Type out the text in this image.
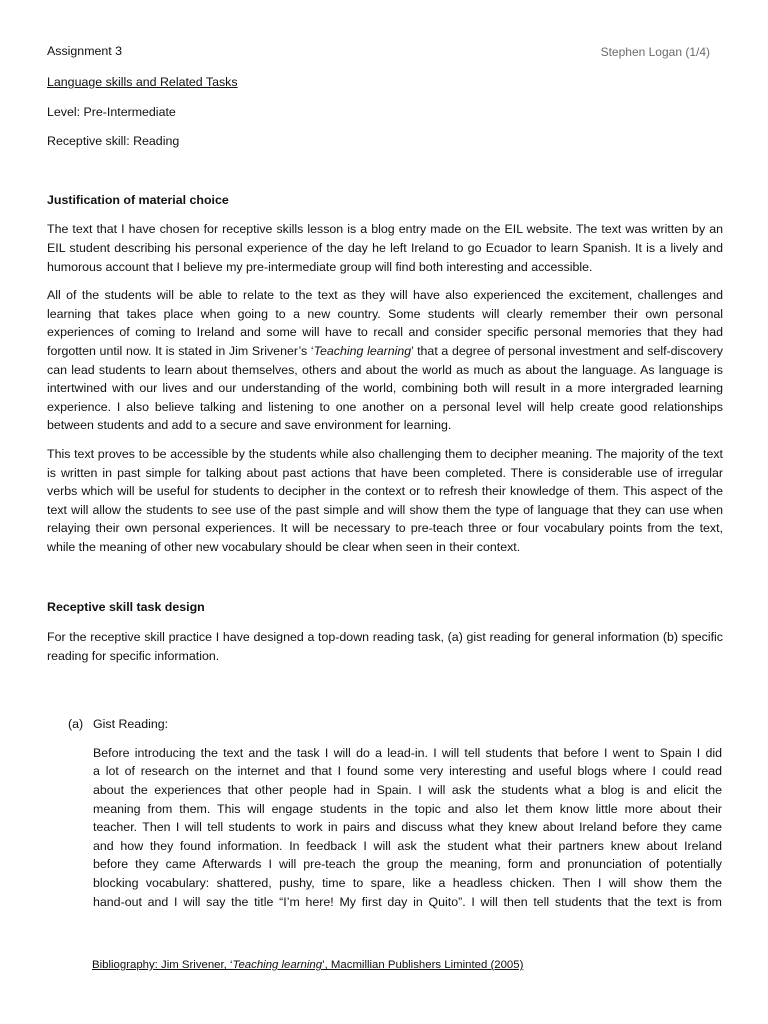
Assignment 3	Stephen Logan (1/4)

Language skills and Related Tasks

Level: Pre-Intermediate

Receptive skill: Reading

Justification of material choice

The text that I have chosen for receptive skills lesson is a blog entry made on the EIL website. The text was written by an EIL student describing his personal experience of the day he left Ireland to go Ecuador to learn Spanish. It is a lively and humorous account that I believe my pre-intermediate group will find both interesting and accessible.

All of the students will be able to relate to the text as they will have also experienced the excitement, challenges and learning that takes place when going to a new country. Some students will clearly remember their own personal experiences of coming to Ireland and some will have to recall and consider specific personal memories that they had forgotten until now. It is stated in Jim Srivener’s ‘Teaching learning’ that a degree of personal investment and self-discovery can lead students to learn about themselves, others and about the world as much as about the language. As language is intertwined with our lives and our understanding of the world, combining both will result in a more intergraded learning experience. I also believe talking and listening to one another on a personal level will help create good relationships between students and add to a secure and save environment for learning.

This text proves to be accessible by the students while also challenging them to decipher meaning. The majority of the text is written in past simple for talking about past actions that have been completed. There is considerable use of irregular verbs which will be useful for students to decipher in the context or to refresh their knowledge of them. This aspect of the text will allow the students to see use of the past simple and will show them the type of language that they can use when relaying their own personal experiences. It will be necessary to pre-teach three or four vocabulary points from the text, while the meaning of other new vocabulary should be clear when seen in their context.

Receptive skill task design

For the receptive skill practice I have designed a top-down reading task, (a) gist reading for general information (b) specific reading for specific information.

(a) Gist Reading:
Before introducing the text and the task I will do a lead-in. I will tell students that before I went to Spain I did
a lot of research on the internet and that I found some very interesting and useful blogs where I could read
about the experiences that other people had in Spain. I will ask the students what a blog is and elicit the
meaning from them. This will engage students in the topic and also let them know little more about their
teacher. Then I will tell students to work in pairs and discuss what they knew about Ireland before they came
and how they found information. In feedback I will ask the student what their partners knew about Ireland
before they came Afterwards I will pre-teach the group the meaning, form and pronunciation of potentially
blocking vocabulary: shattered, pushy, time to spare, like a headless chicken. Then I will show them the
hand-out and I will say the title “I’m here! My first day in Quito”. I will then tell students that the text is from
Bibliography: Jim Srivener, ‘Teaching learning’, Macmillian Publishers Liminted (2005)
